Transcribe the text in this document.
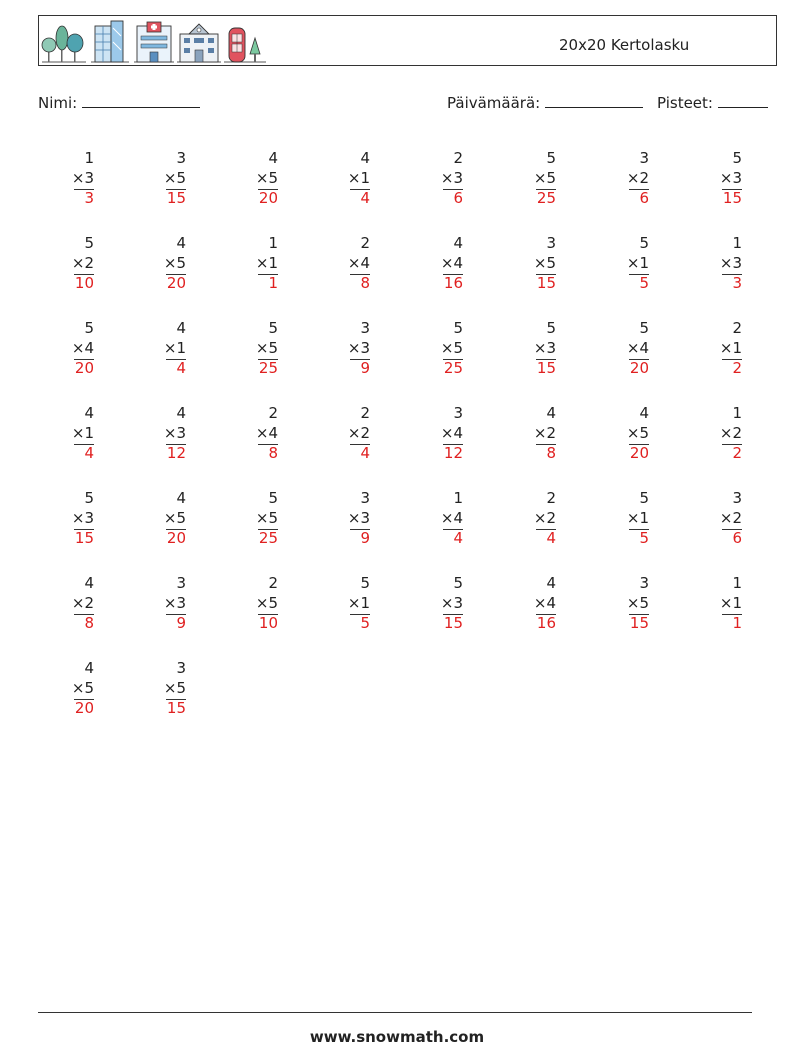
20x20 Kertolasku
Nimi:	Päivämäärä:	Pisteet:
1
×3
3
3
×5
15
4
×5
20
4
×1
4
2
×3
6
5
×5
25
3
×2
6
5
×3
15
5
×2
10
4
×5
20
1
×1
1
2
×4
8
4
×4
16
3
×5
15
5
×1
5
1
×3
3
5
×4
20
4
×1
4
5
×5
25
3
×3
9
5
×5
25
5
×3
15
5
×4
20
2
×1
2
4
×1
4
4
×3
12
2
×4
8
2
×2
4
3
×4
12
4
×2
8
4
×5
20
1
×2
2
5
×3
15
4
×5
20
5
×5
25
3
×3
9
1
×4
4
2
×2
4
5
×1
5
3
×2
6
4
×2
8
3
×3
9
2
×5
10
5
×1
5
5
×3
15
4
×4
16
3
×5
15
1
×1
1
4
×5
20
3
×5
15
www.snowmath.com
